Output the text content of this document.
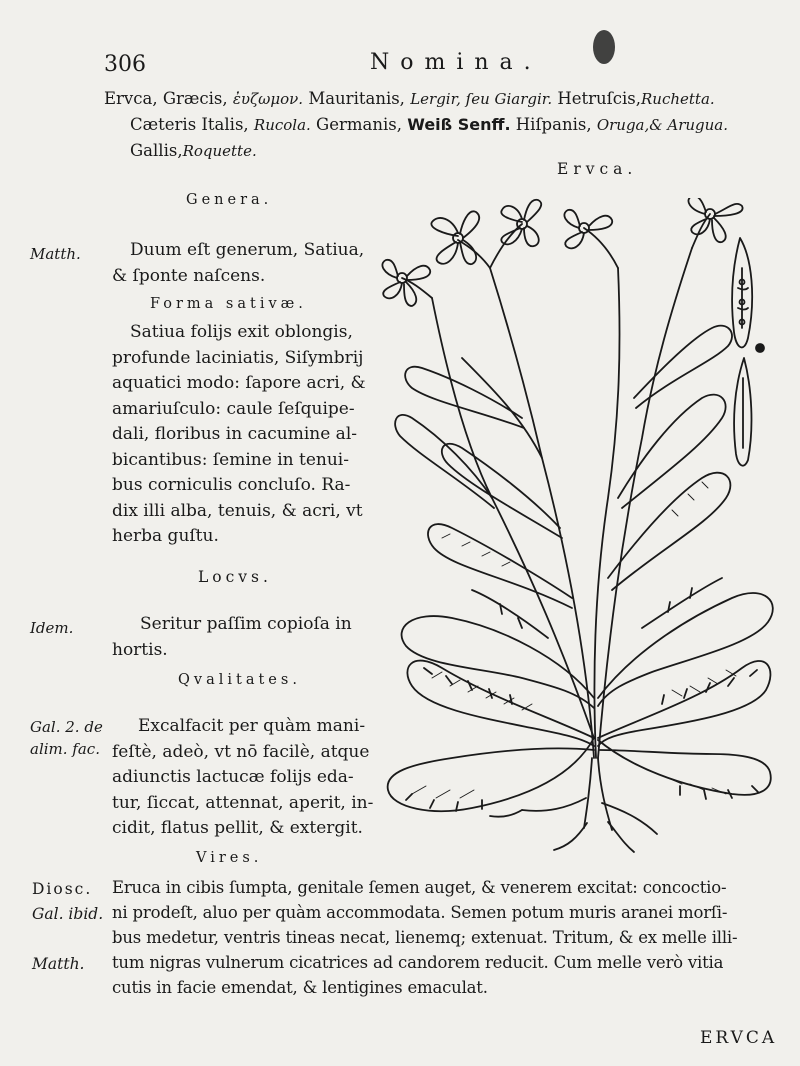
306	Nomina.
Ervca, Græcis, ἐυζωμον. Mauritanis, Lergir, ſeu Giargir. Hetruſcis,Ruchetta.
Cæteris Italis, Rucola. Germanis, Weiß Senff. Hiſpanis, Oruga,& Arugua.
Gallis,Roquette.
Ervca.
Genera.
Matth.	Duum eſt generum, Satiua,
& ſponte naſcens.
Forma sativæ.
Satiua folijs exit oblongis,
profunde laciniatis, Siſymbrij
aquatici modo: ſapore acri, &
amariuſculo: caule ſeſquipe-
dali, floribus in cacumine al-
bicantibus: ſemine in tenui-
bus corniculis concluſo. Ra-
dix illi alba, tenuis, & acri, vt
herba guſtu.
Locvs.
Idem.	Seritur paſſim copioſa in
hortis.
Qvalitates.
Gal. 2. de
alim. fac.
Excalfacit per quàm mani-
feſtè, adeò, vt nō facilè, atque
adiunctis lactucæ folijs eda-
tur, ſiccat, attennat, aperit, in-
cidit, flatus pellit, & extergit.
Vires.
Diosc. Eruca in cibis ſumpta, genitale ſemen auget, & venerem excitat: concoctio-
Gal. ibid. ni prodeſt, aluo per quàm accommodata. Semen potum muris aranei morſi-
bus medetur, ventris tineas necat, lienemq; extenuat. Tritum, & ex melle illi-
Matth. tum nigras vulnerum cicatrices ad candorem reducit. Cum melle verò vitia
cutis in facie emendat, & lentigines emaculat.
ERVCA
